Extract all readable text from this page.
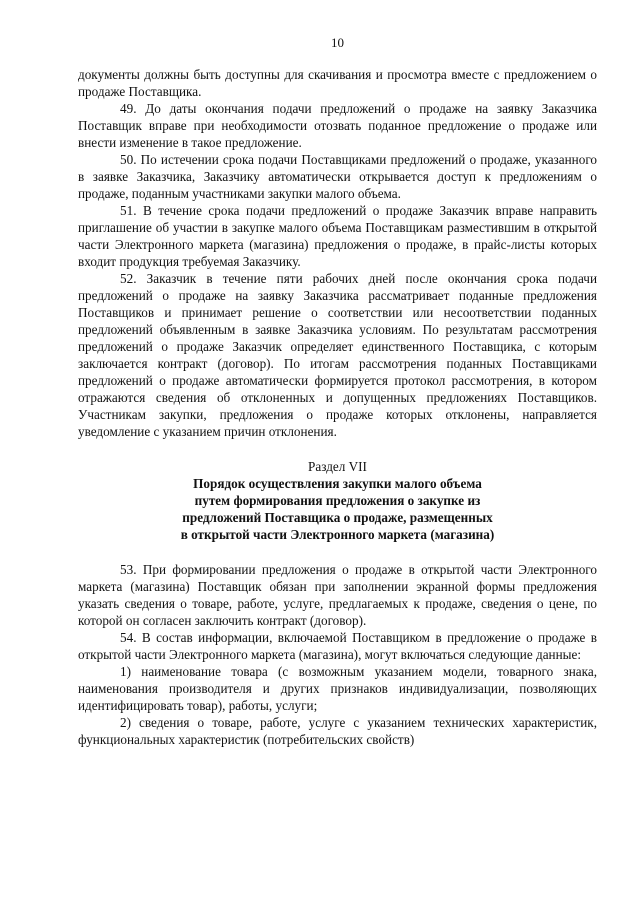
10

документы должны быть доступны для скачивания и просмотра вместе с предложением о продаже Поставщика.

49. До даты окончания подачи предложений о продаже на заявку Заказчика Поставщик вправе при необходимости отозвать поданное предложение о продаже или внести изменение в такое предложение.

50. По истечении срока подачи Поставщиками предложений о продаже, указанного в заявке Заказчика, Заказчику автоматически открывается доступ к предложениям о продаже, поданным участниками закупки малого объема.

51. В течение срока подачи предложений о продаже Заказчик вправе направить приглашение об участии в закупке малого объема Поставщикам разместившим в открытой части Электронного маркета (магазина) предложения о продаже, в прайс-листы которых входит продукция требуемая Заказчику.

52. Заказчик в течение пяти рабочих дней после окончания срока подачи предложений о продаже на заявку Заказчика рассматривает поданные предложения Поставщиков и принимает решение о соответствии или несоответствии поданных предложений объявленным в заявке Заказчика условиям. По результатам рассмотрения предложений о продаже Заказчик определяет единственного Поставщика, с которым заключается контракт (договор). По итогам рассмотрения поданных Поставщиками предложений о продаже автоматически формируется протокол рассмотрения, в котором отражаются сведения об отклоненных и допущенных предложениях Поставщиков. Участникам закупки, предложения о продаже которых отклонены, направляется уведомление с указанием причин отклонения.

Раздел VII
Порядок осуществления закупки малого объема
путем формирования предложения о закупке из
предложений Поставщика о продаже, размещенных
в открытой части Электронного маркета (магазина)

53. При формировании предложения о продаже в открытой части Электронного маркета (магазина) Поставщик обязан при заполнении экранной формы предложения указать сведения о товаре, работе, услуге, предлагаемых к продаже, сведения о цене, по которой он согласен заключить контракт (договор).

54. В состав информации, включаемой Поставщиком в предложение о продаже в открытой части Электронного маркета (магазина), могут включаться следующие данные:

1) наименование товара (с возможным указанием модели, товарного знака, наименования производителя и других признаков индивидуализации, позволяющих идентифицировать товар), работы, услуги;

2) сведения о товаре, работе, услуге с указанием технических характеристик, функциональных характеристик (потребительских свойств)
